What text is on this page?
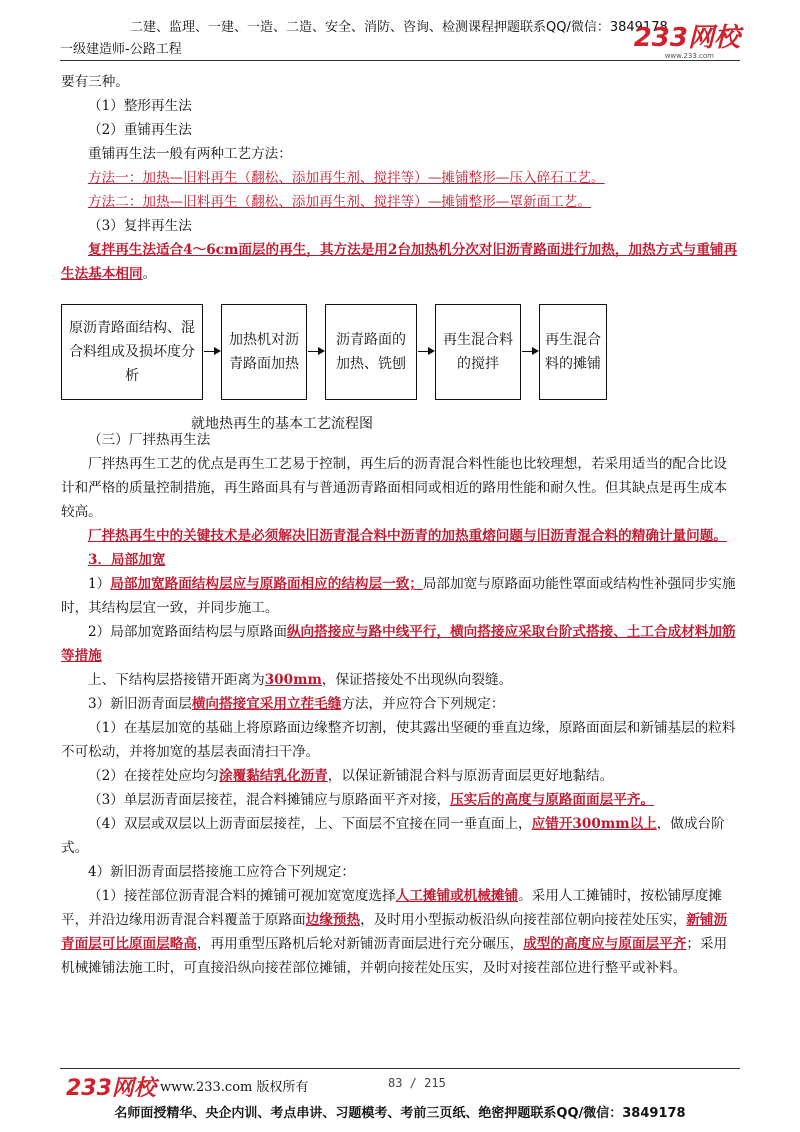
二建、监理、一建、一造、二造、安全、消防、咨询、检测课程押题联系QQ/微信：3849178
一级建造师-公路工程	233网校
www.233.com

要有三种。

（1）整形再生法

（2）重铺再生法

重铺再生法一般有两种工艺方法：

方法一：加热—旧料再生（翻松、添加再生剂、搅拌等）—摊铺整形—压入碎石工艺。

方法二：加热—旧料再生（翻松、添加再生剂、搅拌等）—摊铺整形—罩新面工艺。

（3）复拌再生法

复拌再生法适合4～6cm面层的再生，其方法是用2台加热机分次对旧沥青路面进行加热，加热方式与重铺再生法基本相同。

原沥青路面结构、混合料组成及损坏度分析
加热机对沥青路面加热
沥青路面的加热、铣刨
再生混合料的搅拌
再生混合料的摊铺
就地热再生的基本工艺流程图

（三）厂拌热再生法

厂拌热再生工艺的优点是再生工艺易于控制，再生后的沥青混合料性能也比较理想，若采用适当的配合比设计和严格的质量控制措施，再生路面具有与普通沥青路面相同或相近的路用性能和耐久性。但其缺点是再生成本较高。

厂拌热再生中的关键技术是必须解决旧沥青混合料中沥青的加热重熔问题与旧沥青混合料的精确计量问题。

3．局部加宽

1）局部加宽路面结构层应与原路面相应的结构层一致；局部加宽与原路面功能性罩面或结构性补强同步实施时，其结构层宜一致，并同步施工。

2）局部加宽路面结构层与原路面纵向搭接应与路中线平行，横向搭接应采取台阶式搭接、土工合成材料加筋等措施

上、下结构层搭接错开距离为300mm，保证搭接处不出现纵向裂缝。

3）新旧沥青面层横向搭接宜采用立茬毛缝方法，并应符合下列规定：

（1）在基层加宽的基础上将原路面边缘整齐切割，使其露出坚硬的垂直边缘，原路面面层和新铺基层的粒料不可松动，并将加宽的基层表面清扫干净。

（2）在接茬处应均匀涂覆黏结乳化沥青，以保证新铺混合料与原沥青面层更好地黏结。

（3）单层沥青面层接茬，混合料摊铺应与原路面平齐对接，压实后的高度与原路面面层平齐。

（4）双层或双层以上沥青面层接茬，上、下面层不宜接在同一垂直面上，应错开300mm以上，做成台阶式。

4）新旧沥青面层搭接施工应符合下列规定：

（1）接茬部位沥青混合料的摊铺可视加宽宽度选择人工摊铺或机械摊铺。采用人工摊铺时，按松铺厚度摊平，并沿边缘用沥青混合料覆盖于原路面边缘预热，及时用小型振动板沿纵向接茬部位朝向接茬处压实，新铺沥青面层可比原面层略高，再用重型压路机后轮对新铺沥青面层进行充分碾压，成型的高度应与原面层平齐；采用机械摊铺法施工时，可直接沿纵向接茬部位摊铺，并朝向接茬处压实，及时对接茬部位进行整平或补料。

233网校 www.233.com 版权所有	83 / 215
名师面授精华、央企内训、考点串讲、习题模考、考前三页纸、绝密押题联系QQ/微信：3849178
